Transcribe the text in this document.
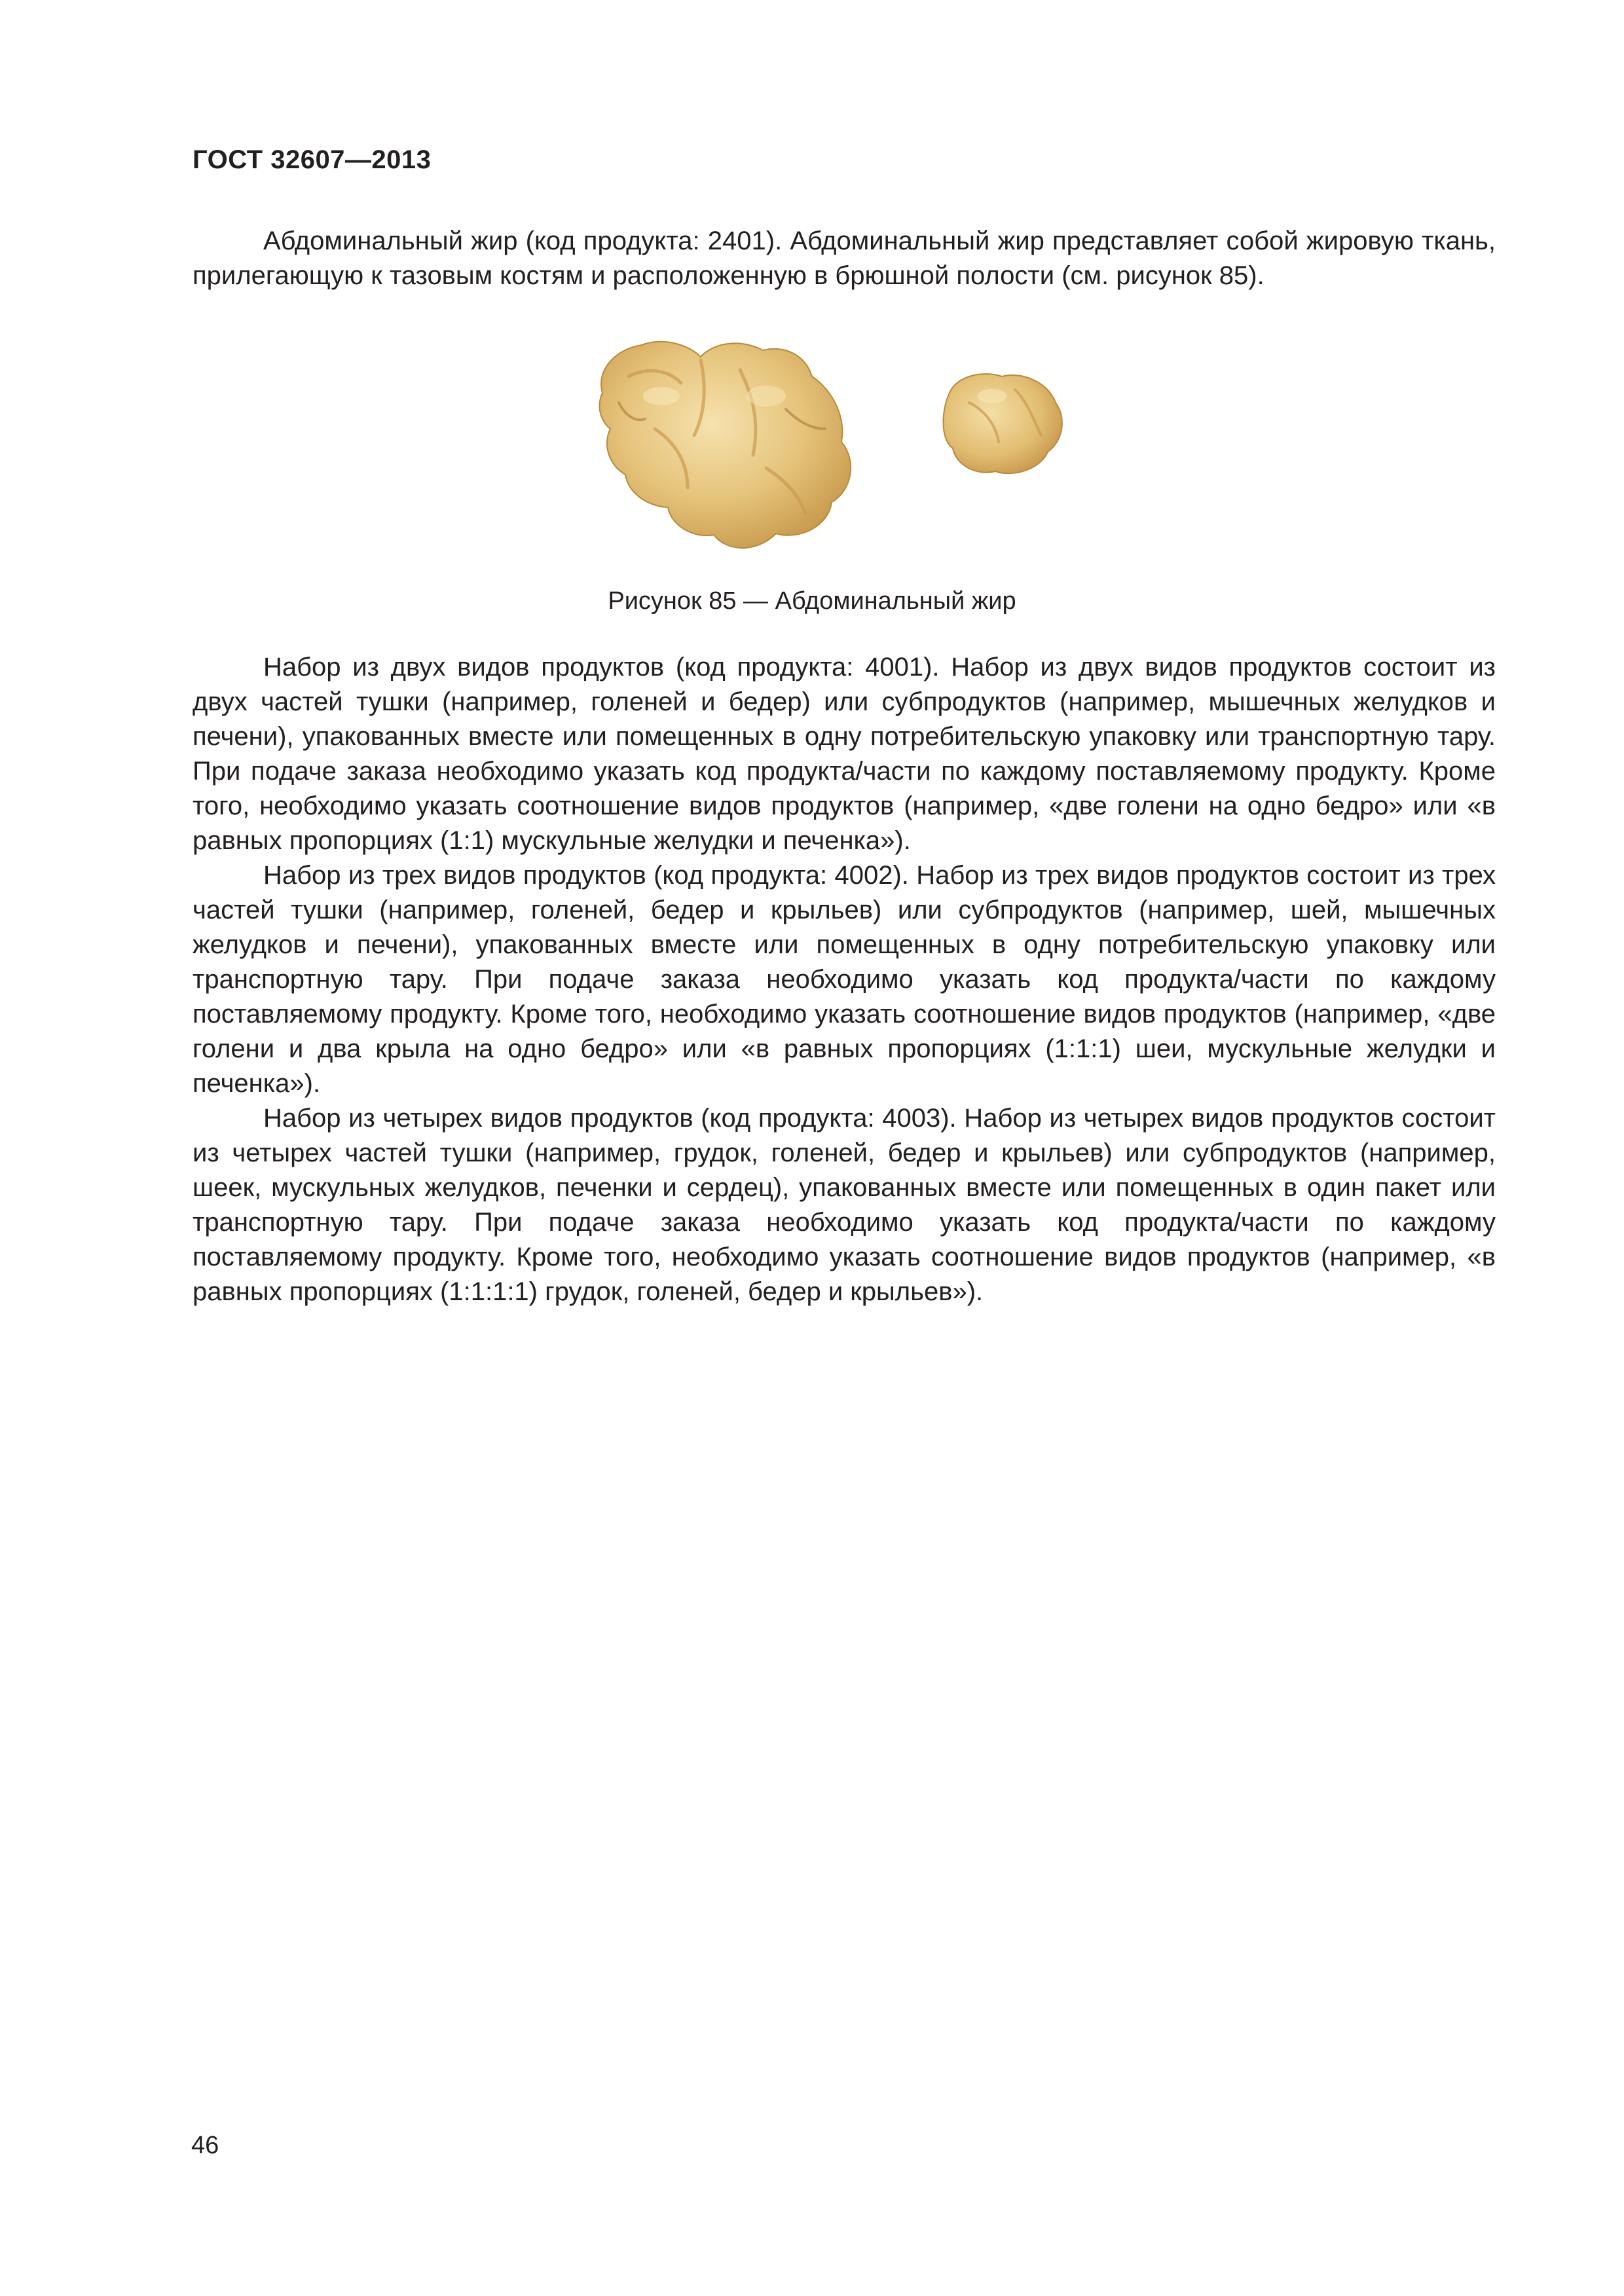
ГОСТ 32607—2013

Абдоминальный жир (код продукта: 2401). Абдоминальный жир представляет собой жировую ткань, прилегающую к тазовым костям и расположенную в брюшной полости (см. рисунок 85).

Рисунок 85 — Абдоминальный жир

Набор из двух видов продуктов (код продукта: 4001). Набор из двух видов продуктов состоит из двух частей тушки (например, голеней и бедер) или субпродуктов (например, мышечных желудков и печени), упакованных вместе или помещенных в одну потребительскую упаковку или транспортную тару. При подаче заказа необходимо указать код продукта/части по каждому поставляемому продукту. Кроме того, необходимо указать соотношение видов продуктов (например, «две голени на одно бедро» или «в равных пропорциях (1:1) мускульные желудки и печенка»).

Набор из трех видов продуктов (код продукта: 4002). Набор из трех видов продуктов состоит из трех частей тушки (например, голеней, бедер и крыльев) или субпродуктов (например, шей, мышечных желудков и печени), упакованных вместе или помещенных в одну потребительскую упаковку или транспортную тару. При подаче заказа необходимо указать код продукта/части по каждому поставляемому продукту. Кроме того, необходимо указать соотношение видов продуктов (например, «две голени и два крыла на одно бедро» или «в равных пропорциях (1:1:1) шеи, мускульные желудки и печенка»).

Набор из четырех видов продуктов (код продукта: 4003). Набор из четырех видов продуктов состоит из четырех частей тушки (например, грудок, голеней, бедер и крыльев) или субпродуктов (например, шеек, мускульных желудков, печенки и сердец), упакованных вместе или помещенных в один пакет или транспортную тару. При подаче заказа необходимо указать код продукта/части по каждому поставляемому продукту. Кроме того, необходимо указать соотношение видов продуктов (например, «в равных пропорциях (1:1:1:1) грудок, голеней, бедер и крыльев»).

46
